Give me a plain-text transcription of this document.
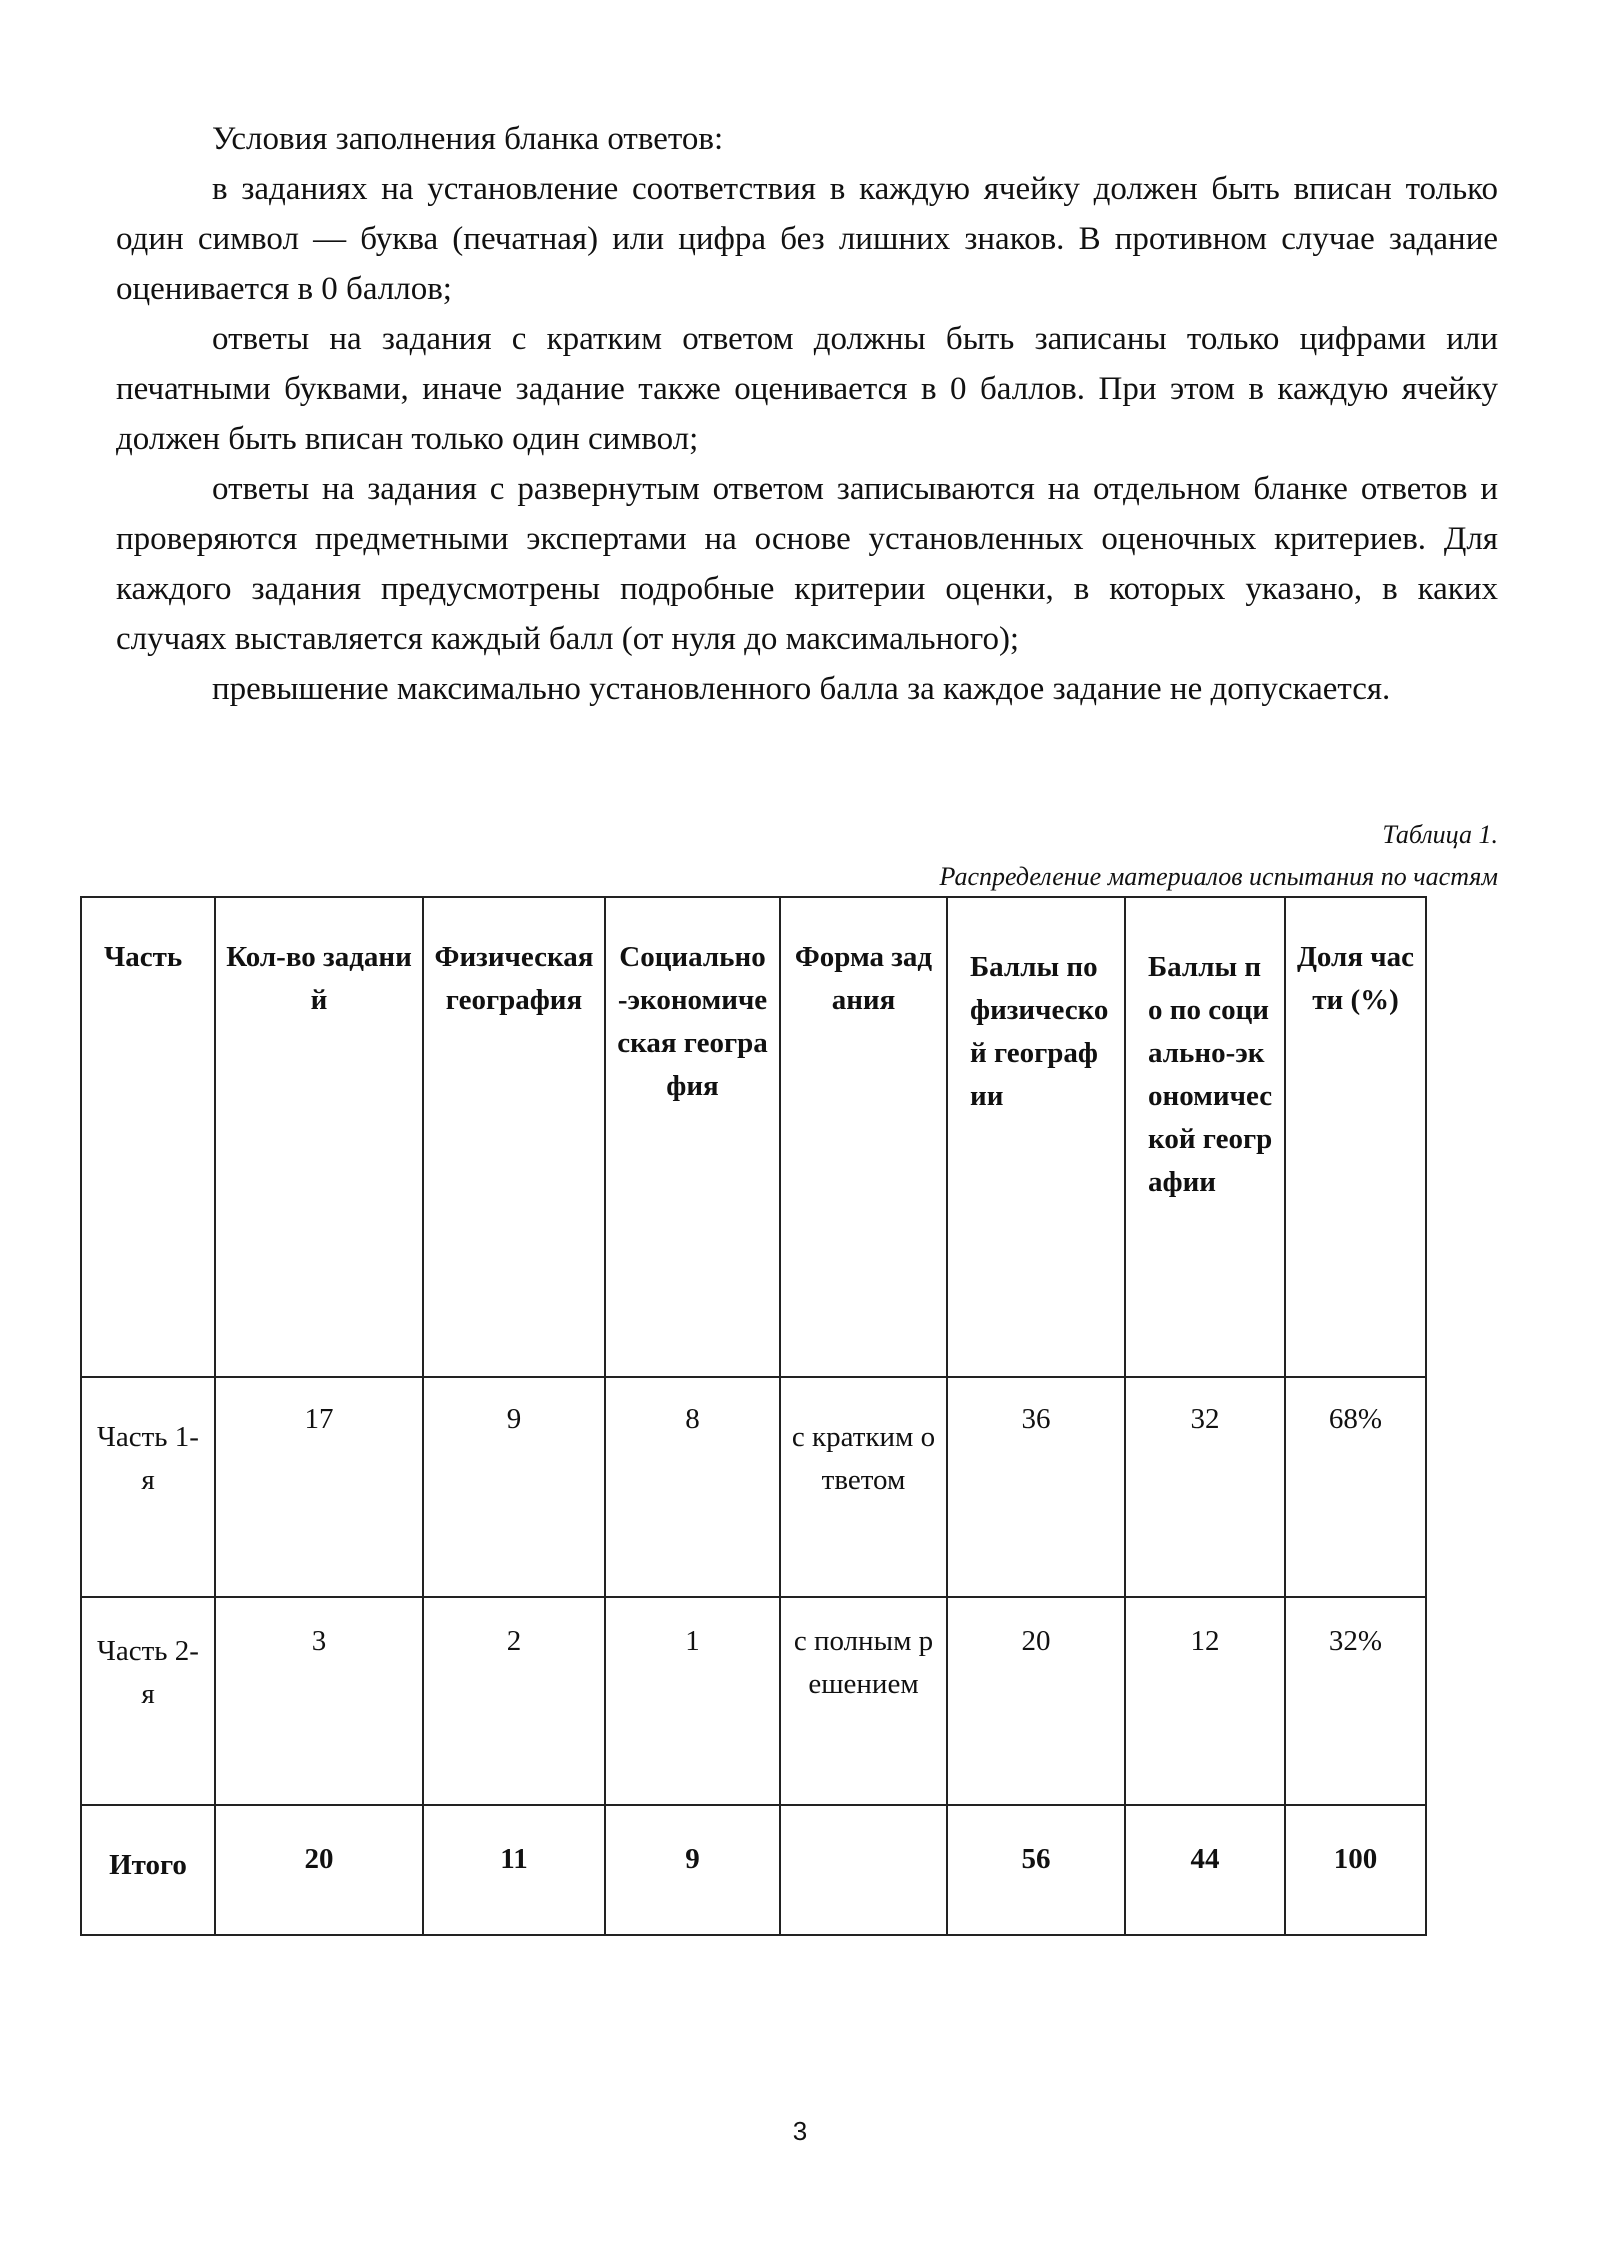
Условия заполнения бланка ответов:

в заданиях на установление соответствия в каждую ячейку должен быть вписан только один символ — буква (печатная) или цифра без лишних знаков. В противном случае задание оценивается в 0 баллов;

ответы на задания с кратким ответом должны быть записаны только цифрами или печатными буквами, иначе задание также оценивается в 0 баллов. При этом в каждую ячейку должен быть вписан только один символ;

ответы на задания с развернутым ответом записываются на отдельном бланке ответов и проверяются предметными экспертами на основе установленных оценочных критериев. Для каждого задания предусмотрены подробные критерии оценки, в которых указано, в каких случаях выставляется каждый балл (от нуля до максимального);

превышение максимально установленного балла за каждое задание не допускается.

Таблица 1.
Распределение материалов испытания по частям
Часть	Кол-во заданий	Физическая география	Социально-экономическая география	Форма задания	Баллы по физической географии	Баллы по по социально-экономической географии	Доля части (%)
Часть 1-я	17	9	8	с кратким ответом	36	32	68%
Часть 2-я	3	2	1	с полным решением	20	12	32%
Итого	20	11	9		56	44	100
3
